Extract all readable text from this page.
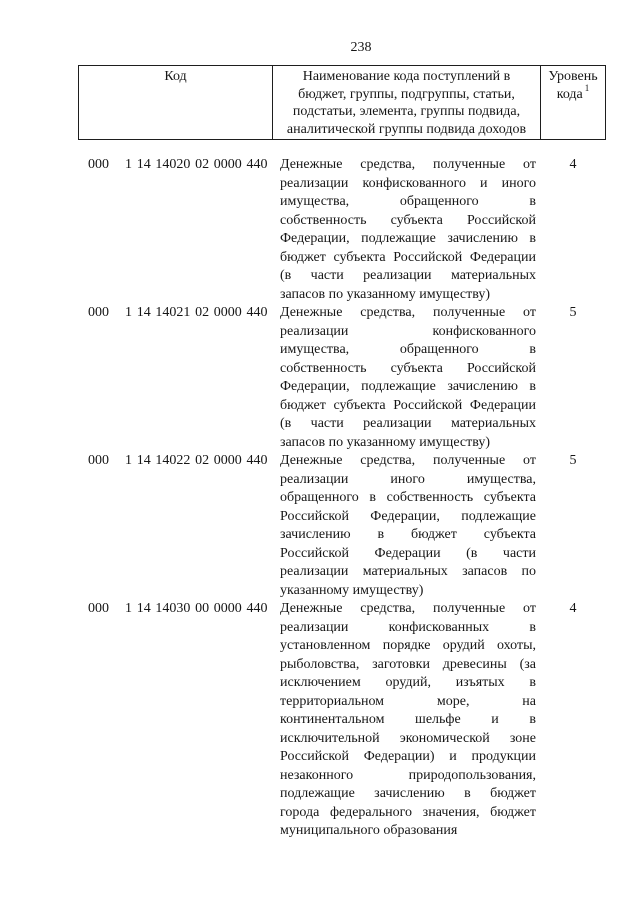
238
Код	Наименование кода поступлений в
бюджет, группы, подгруппы, статьи,
подстатьи, элемента, группы подвида,
аналитической группы подвида доходов
Уровень
кода $^1$
000 1 14 14020 02 0000 440 Денежные средства, полученные от
реализации конфискованного и иного
имущества, обращенного в
собственность субъекта Российской
Федерации, подлежащие зачислению в
бюджет субъекта Российской Федерации
(в части реализации материальных
запасов по указанному имуществу)
4
000 1 14 14021 02 0000 440 Денежные средства, полученные от
реализации конфискованного
имущества, обращенного в
собственность субъекта Российской
Федерации, подлежащие зачислению в
бюджет субъекта Российской Федерации
(в части реализации материальных
запасов по указанному имуществу)
5
000 1 14 14022 02 0000 440 Денежные средства, полученные от
реализации иного имущества,
обращенного в собственность субъекта
Российской Федерации, подлежащие
зачислению в бюджет субъекта
Российской Федерации (в части
реализации материальных запасов по
указанному имуществу)
5
000 1 14 14030 00 0000 440 Денежные средства, полученные от
реализации конфискованных в
установленном порядке орудий охоты,
рыболовства, заготовки древесины (за
исключением орудий, изъятых в
территориальном море, на
континентальном шельфе и в
исключительной экономической зоне
Российской Федерации) и продукции
незаконного природопользования,
подлежащие зачислению в бюджет
города федерального значения, бюджет
муниципального образования
4
